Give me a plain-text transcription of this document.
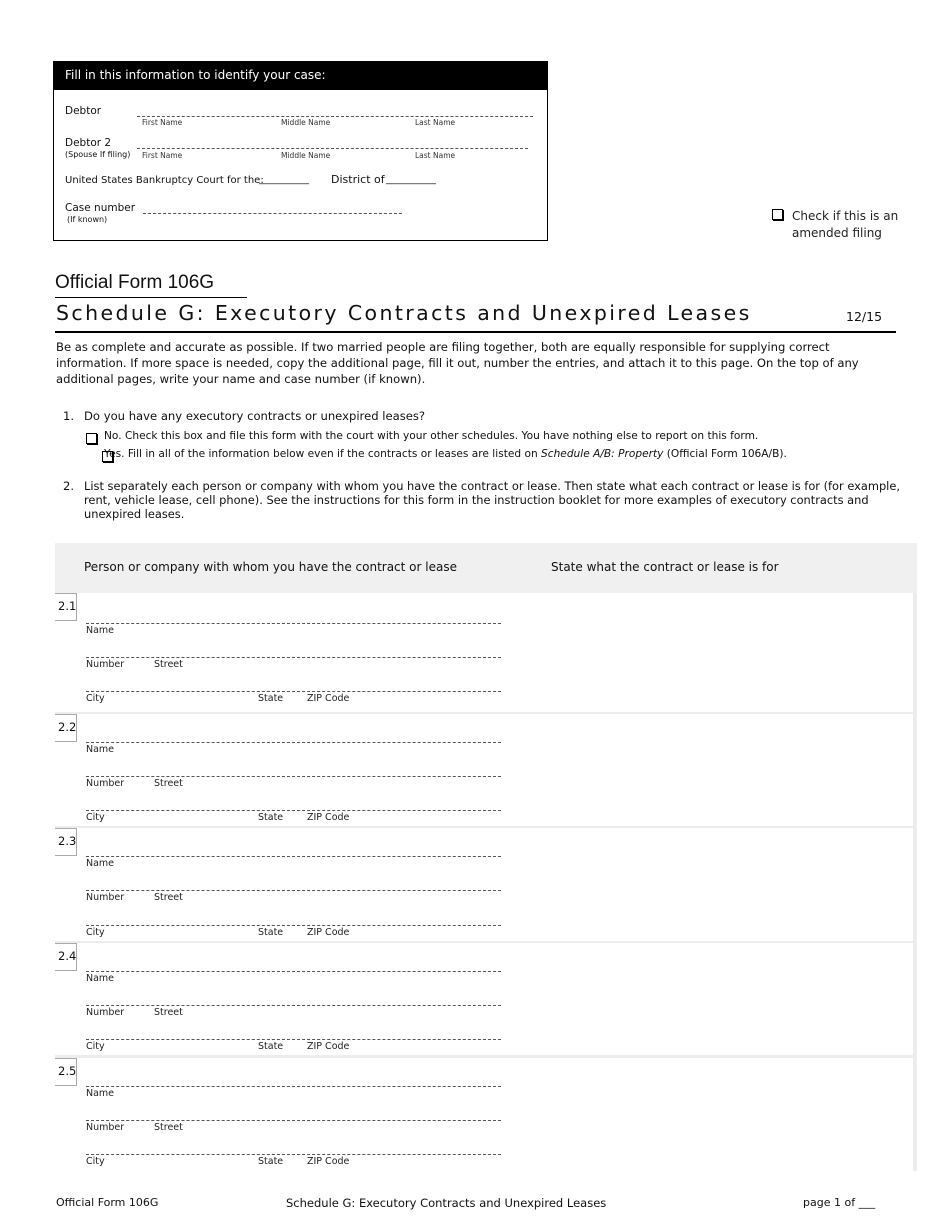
Fill in this information to identify your case:
Debtor
First Name	Middle Name	Last Name
Debtor 2
(Spouse If filing) First Name	Middle Name	Last Name
United States Bankruptcy Court for the:
__________ District of __________
Case number
(If known)	Check if this is an
amended filing
Official Form 106G
Schedule G: Executory Contracts and Unexpired Leases	12/15
Be as complete and accurate as possible. If two married people are filing together, both are equally responsible for supplying correct information. If more space is needed, copy the additional page, fill it out, number the entries, and attach it to this page. On the top of any additional pages, write your name and case number (if known).
1. Do you have any executory contracts or unexpired leases?

No. Check this box and file this form with the court with your other schedules. You have nothing else to report on this form.
Yes. Fill in all of the information below even if the contracts or leases are listed on Schedule A/B: Property (Official Form 106A/B).
2. List separately each person or company with whom you have the contract or lease. Then state what each contract or lease is for (for example, rent, vehicle lease, cell phone). See the instructions for this form in the instruction booklet for more examples of executory contracts and unexpired leases.
Person or company with whom you have the contract or lease	State what the contract or lease is for
2.1
Name
Number	Street
City	State	ZIP Code
2.2
Name
Number	Street
City	State	ZIP Code
2.3
Name
Number	Street
City	State	ZIP Code
2.4
Name
Number	Street
City	State	ZIP Code
2.5
Name
Number	Street
City	State	ZIP Code
Official Form 106G	Schedule G: Executory Contracts and Unexpired Leases	page 1 of ___
